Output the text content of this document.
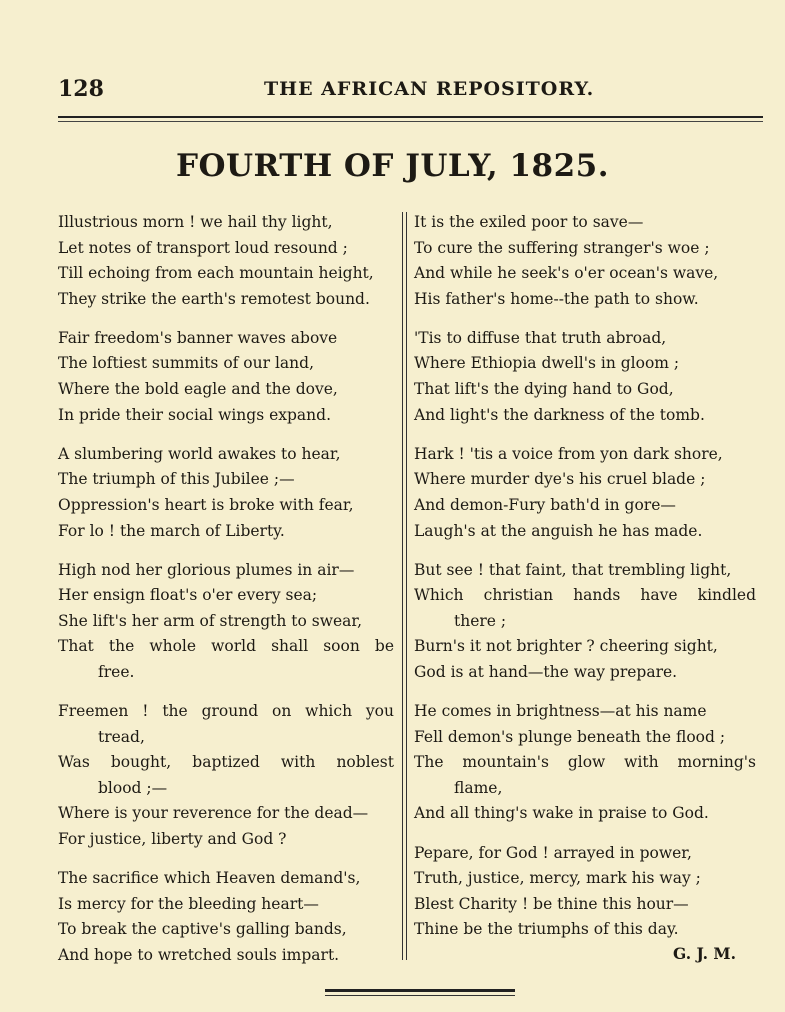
128	THE AFRICAN REPOSITORY.
FOURTH OF JULY, 1825.
Illustrious morn ! we hail thy light,
Let notes of transport loud resound ;
Till echoing from each mountain height,
They strike the earth's remotest bound.
Fair freedom's banner waves above
The loftiest summits of our land,
Where the bold eagle and the dove,
In pride their social wings expand.
A slumbering world awakes to hear,
The triumph of this Jubilee ;—
Oppression's heart is broke with fear,
For lo ! the march of Liberty.
High nod her glorious plumes in air—
Her ensign float's o'er every sea;
She lift's her arm of strength to swear,
That the whole world shall soon be
free.
Freemen ! the ground on which you
tread,
Was bought, baptized with noblest
blood ;—
Where is your reverence for the dead—
For justice, liberty and God ?
The sacrifice which Heaven demand's,
Is mercy for the bleeding heart—
To break the captive's galling bands,
And hope to wretched souls impart.
It is the exiled poor to save—
To cure the suffering stranger's woe ;
And while he seek's o'er ocean's wave,
His father's home--the path to show.
'Tis to diffuse that truth abroad,
Where Ethiopia dwell's in gloom ;
That lift's the dying hand to God,
And light's the darkness of the tomb.
Hark ! 'tis a voice from yon dark shore,
Where murder dye's his cruel blade ;
And demon-Fury bath'd in gore—
Laugh's at the anguish he has made.
But see ! that faint, that trembling light,
Which christian hands have kindled
there ;
Burn's it not brighter ? cheering sight,
God is at hand—the way prepare.
He comes in brightness—at his name
Fell demon's plunge beneath the flood ;
The mountain's glow with morning's
flame,
And all thing's wake in praise to God.
Pepare, for God ! arrayed in power,
Truth, justice, mercy, mark his way ;
Blest Charity ! be thine this hour—
Thine be the triumphs of this day.
G. J. M.
